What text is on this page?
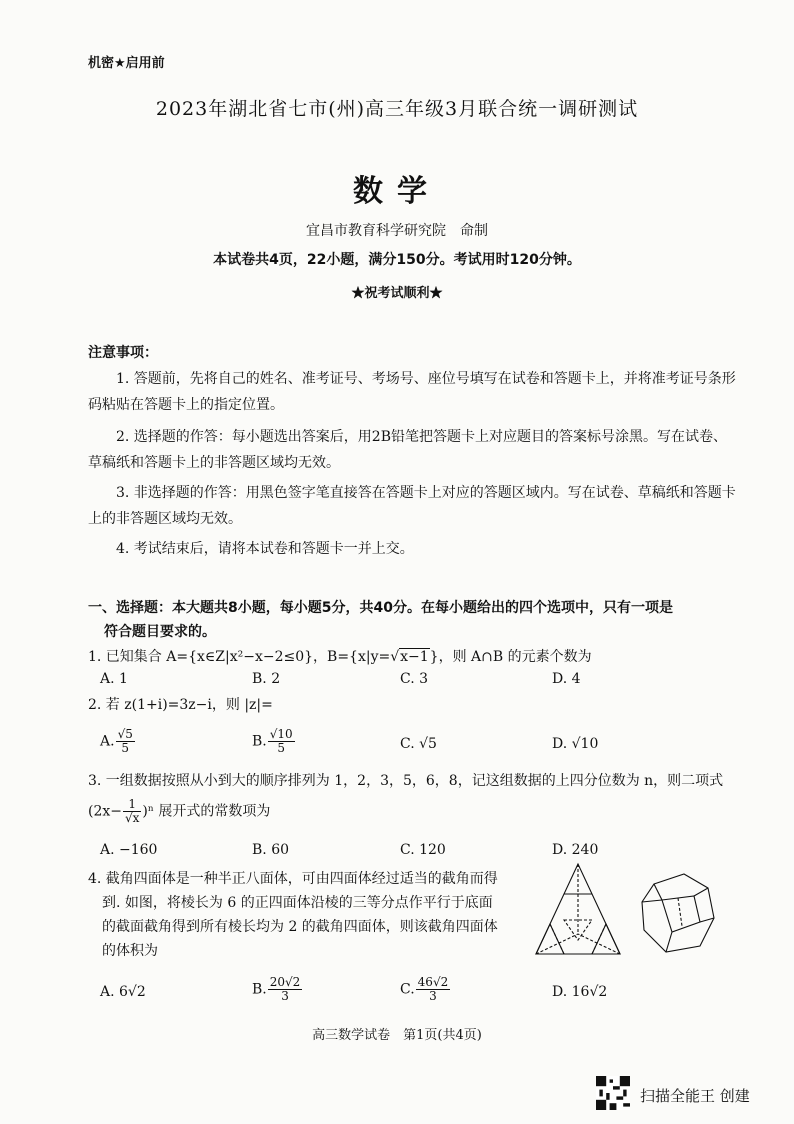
机密★启用前
2023年湖北省七市(州)高三年级3月联合统一调研测试
数学
宜昌市教育科学研究院　命制
本试卷共4页，22小题，满分150分。考试用时120分钟。
★祝考试顺利★
注意事项：
1. 答题前，先将自己的姓名、准考证号、考场号、座位号填写在试卷和答题卡上，并将准考证号条形码粘贴在答题卡上的指定位置。
2. 选择题的作答：每小题选出答案后，用2B铅笔把答题卡上对应题目的答案标号涂黑。写在试卷、草稿纸和答题卡上的非答题区域均无效。
3. 非选择题的作答：用黑色签字笔直接答在答题卡上对应的答题区域内。写在试卷、草稿纸和答题卡上的非答题区域均无效。
4. 考试结束后，请将本试卷和答题卡一并上交。
一、选择题：本大题共8小题，每小题5分，共40分。在每小题给出的四个选项中，只有一项是
符合题目要求的。
1. 已知集合 A={x∈Z|x²−x−2≤0}，B={x|y=√x−1}，则 A∩B 的元素个数为
A. 1	B. 2	C. 3	D. 4
2. 若 z(1+i)=3z−i，则 |z|=
A. $\frac{√5}{5}$	B. $\frac{√10}{5}$	C. √5	D. √10
3. 一组数据按照从小到大的顺序排列为 1，2，3，5，6，8，记这组数据的上四分位数为 n，则二项式
$(2x- \frac{1}{√x} )^n$ 展开式的常数项为
A. −160	B. 60	C. 120	D. 240
4. 截角四面体是一种半正八面体，可由四面体经过适当的截角而得
到. 如图，将棱长为 6 的正四面体沿棱的三等分点作平行于底面
的截面截角得到所有棱长均为 2 的截角四面体，则该截角四面体
的体积为
A. 6√2	B. $\frac{20√2}{3}$	C. $\frac{46√2}{3}$	D. 16√2
高三数学试卷　第1页(共4页)
扫描全能王 创建
